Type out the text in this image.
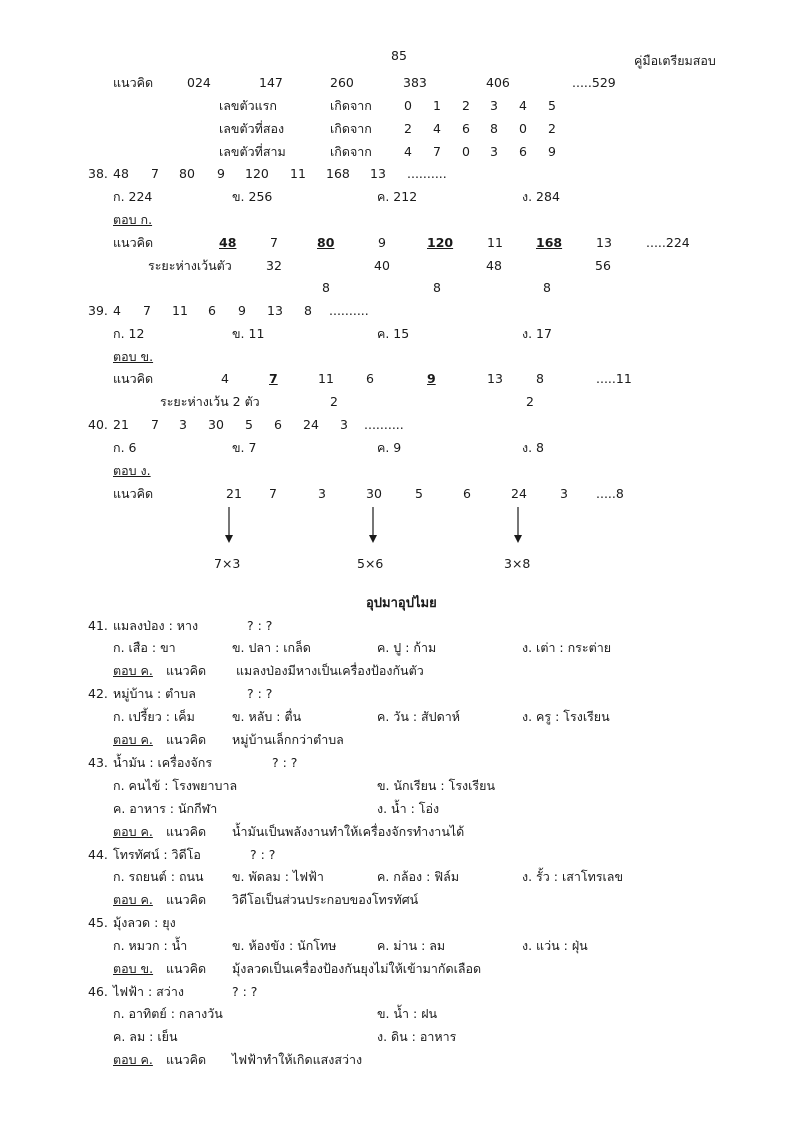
85	คู่มือเตรียมสอบ
แนวคิด	024	147	260	383	406	.....529
เลขตัวแรก	เกิดจาก	0 1 2 3 4 5
เลขตัวที่สอง	เกิดจาก	2 4 6 8 0 2
เลขตัวที่สาม	เกิดจาก	4 7 0 3 6 9
38. 48 7 80 9 120 11 168 13 ..........
ก. 224	ข. 256	ค. 212	ง. 284
ตอบ ก.
แนวคิด	48	7	80	9	120	11	168	13	.....224
ระยะห่างเว้นตัว	32	40	48	56
8	8	8
39. 4 7 11 6 9 13 8 ..........
ก. 12	ข. 11	ค. 15	ง. 17
ตอบ ข.
แนวคิด	4	7	11	6	9	13	8	.....11
ระยะห่างเว้น 2 ตัว	2	2
40. 21 7 3 30 5 6 24 3 ..........
ก. 6	ข. 7	ค. 9	ง. 8
ตอบ ง.
แนวคิด	21 7	3	30	5	6	24	3 .....8
7×3	5×6	3×8
อุปมาอุปไมย
41. แมลงป่อง : หาง	? : ?
ก. เสือ : ขา	ข. ปลา : เกล็ด	ค. ปู : ก้าม	ง. เต่า : กระต่าย
ตอบ ค. แนวคิด แมลงป่องมีหางเป็นเครื่องป้องกันตัว
42. หมู่บ้าน : ตำบล	? : ?
ก. เปรี้ยว : เค็ม	ข. หลับ : ตื่น	ค. วัน : สัปดาห์	ง. ครู : โรงเรียน
ตอบ ค. แนวคิด หมู่บ้านเล็กกว่าตำบล
43. น้ำมัน : เครื่องจักร	? : ?
ก. คนไข้ : โรงพยาบาล	ข. นักเรียน : โรงเรียน
ค. อาหาร : นักกีฬา	ง. น้ำ : โอ่ง
ตอบ ค. แนวคิด น้ำมันเป็นพลังงานทำให้เครื่องจักรทำงานได้
44. โทรทัศน์ : วิดีโอ	? : ?
ก. รถยนต์ : ถนน ข. พัดลม : ไฟฟ้า	ค. กล้อง : ฟิล์ม	ง. รั้ว : เสาโทรเลข
ตอบ ค. แนวคิด วิดีโอเป็นส่วนประกอบของโทรทัศน์
45. มุ้งลวด : ยุง
ก. หมวก : น้ำ	ข. ห้องขัง : นักโทษ	ค. ม่าน : ลม	ง. แว่น : ฝุ่น
ตอบ ข. แนวคิด มุ้งลวดเป็นเครื่องป้องกันยุงไม่ให้เข้ามากัดเลือด
46. ไฟฟ้า : สว่าง	? : ?
ก. อาทิตย์ : กลางวัน	ข. น้ำ : ฝน
ค. ลม : เย็น	ง. ดิน : อาหาร
ตอบ ค. แนวคิด ไฟฟ้าทำให้เกิดแสงสว่าง
